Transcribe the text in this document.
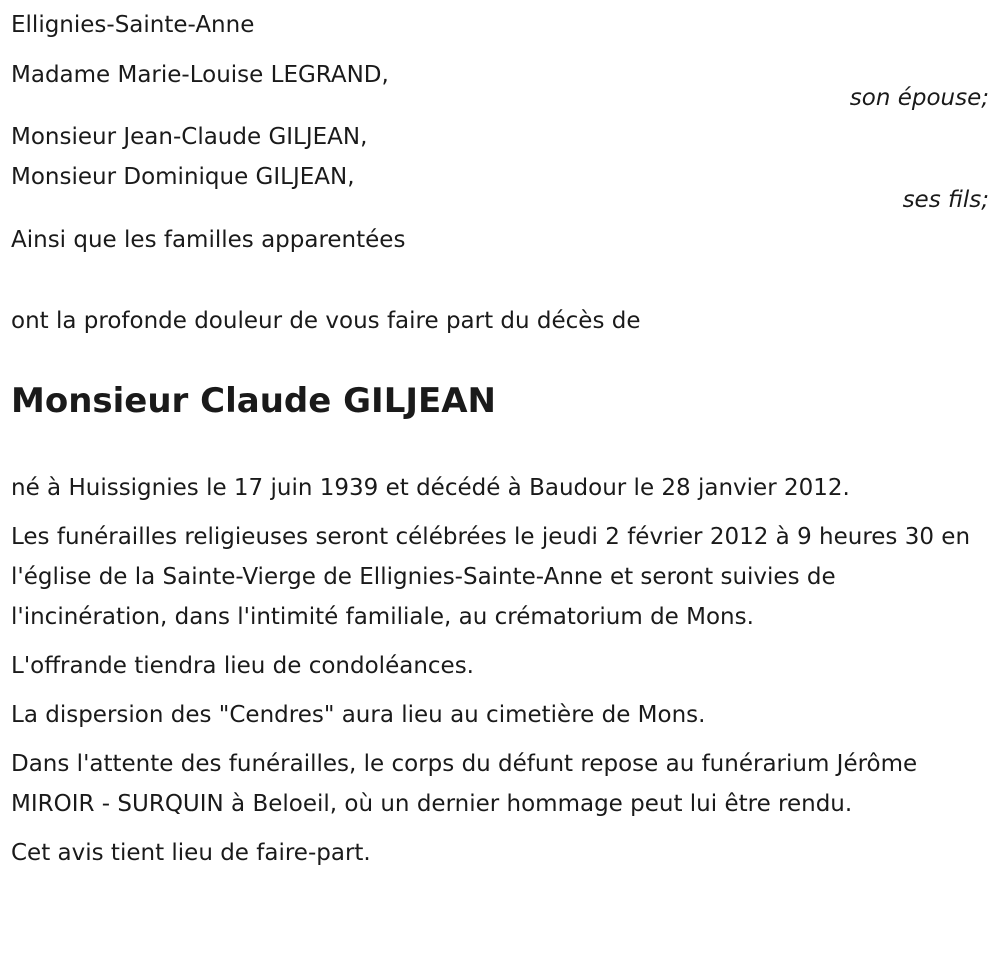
Ellignies-Sainte-Anne
Madame Marie-Louise LEGRAND,
son épouse;
Monsieur Jean-Claude GILJEAN,
Monsieur Dominique GILJEAN,
ses fils;
Ainsi que les familles apparentées
ont la profonde douleur de vous faire part du décès de
Monsieur Claude GILJEAN

né à Huissignies le 17 juin 1939 et décédé à Baudour le 28 janvier 2012.

Les funérailles religieuses seront célébrées le jeudi 2 février 2012 à 9 heures 30 en l'église de la Sainte-Vierge de Ellignies-Sainte-Anne et seront suivies de l'incinération, dans l'intimité familiale, au crématorium de Mons.

L'offrande tiendra lieu de condoléances.

La dispersion des "Cendres" aura lieu au cimetière de Mons.

Dans l'attente des funérailles, le corps du défunt repose au funérarium Jérôme MIROIR - SURQUIN à Beloeil, où un dernier hommage peut lui être rendu.

Cet avis tient lieu de faire-part.
